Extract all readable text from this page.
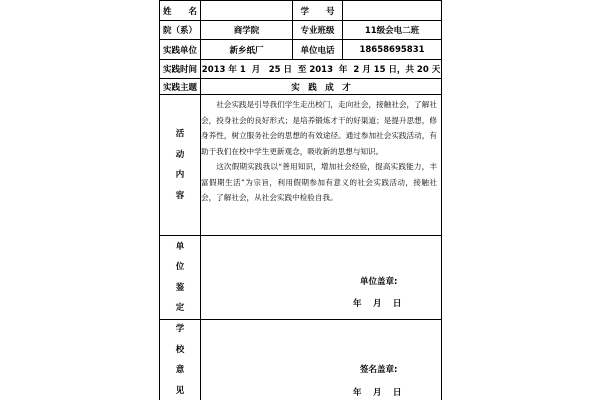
姓　　名	学　　号
院（系）	商学院	专业班级	11级会电二班
实践单位	新乡纸厂	单位电话	18658695831
实践时间 2013 年 1  月　25 日  至 2013  年  2 月 15 日，共 20 天
实践主题	实　践　成　才
活
动
内
容

社会实践是引导我们学生走出校门，走向社会，接触社会，了解社会，投身社会的良好形式；是培养锻炼才干的好渠道；是提升思想，修身养性，树立服务社会的思想的有效途径。通过参加社会实践活动，有助于我们在校中学生更新观念，吸收新的思想与知识。

这次假期实践我以“善用知识，增加社会经验，提高实践能力，丰富假期生活”为宗旨，利用假期参加有意义的社会实践活动，接触社会，了解社会，从社会实践中检验自我。

单
位
鉴
定
单位盖章:
年　 月　 日
学
校
意
见
签名盖章:
年　 月　 日
